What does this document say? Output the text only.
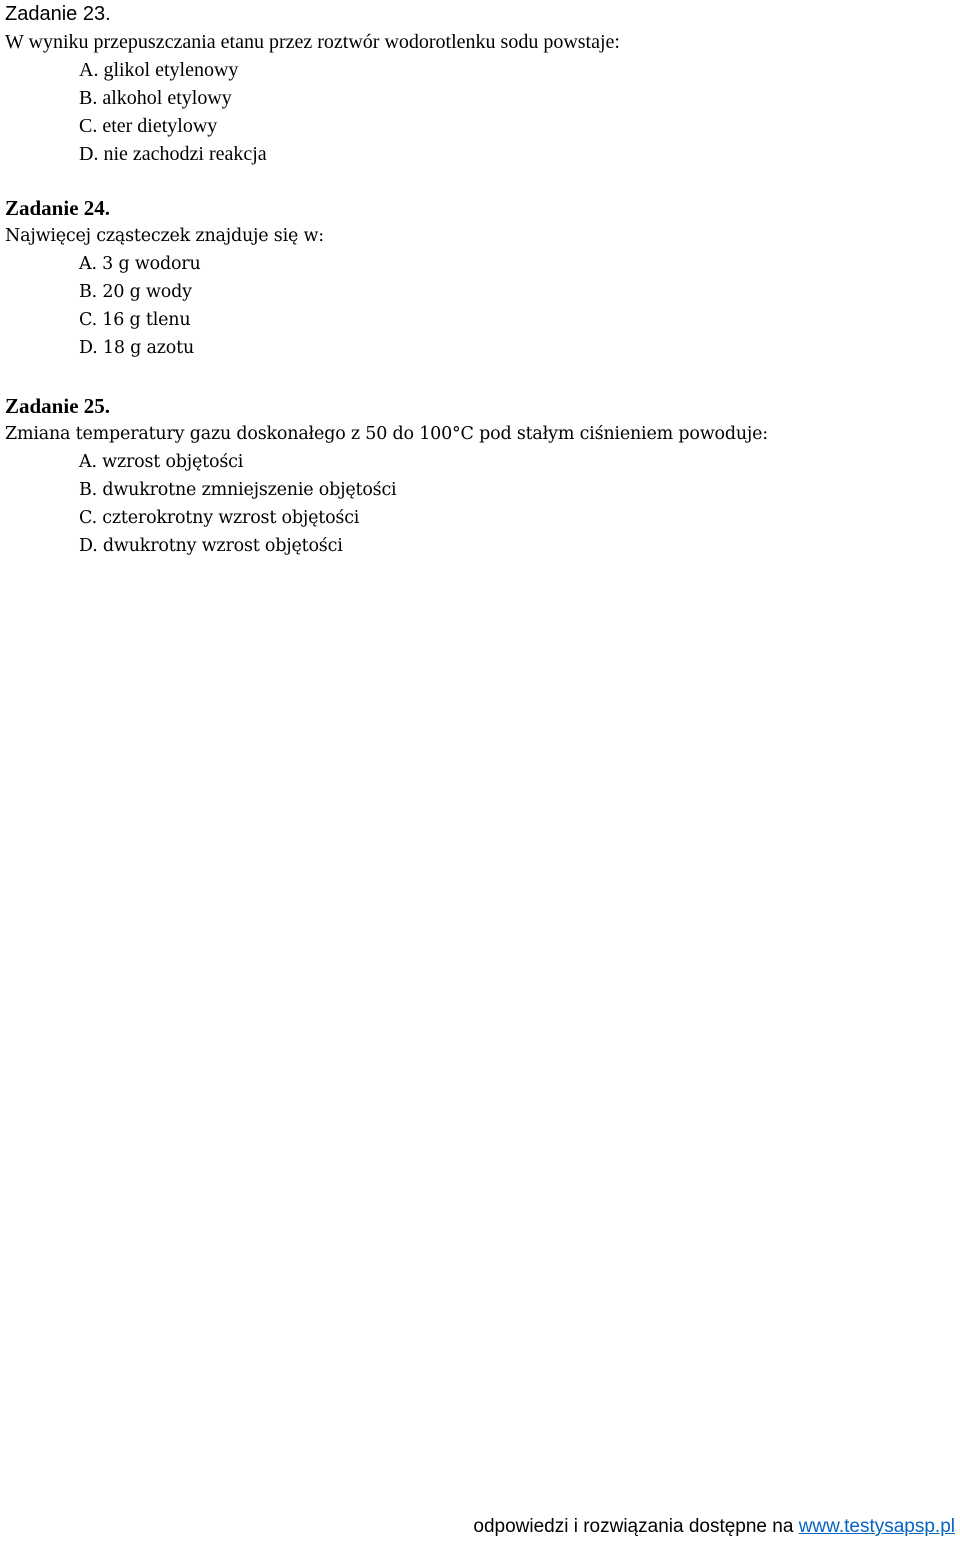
Zadanie 23.
W wyniku przepuszczania etanu przez roztwór wodorotlenku sodu powstaje:
A. glikol etylenowy
B. alkohol etylowy
C. eter dietylowy
D. nie zachodzi reakcja
Zadanie 24.
Najwięcej cząsteczek znajduje się w:
A. 3 g wodoru
B. 20 g wody
C. 16 g tlenu
D. 18 g azotu
Zadanie 25.
Zmiana temperatury gazu doskonałego z 50 do 100°C pod stałym ciśnieniem powoduje:
A. wzrost objętości
B. dwukrotne zmniejszenie objętości
C. czterokrotny wzrost objętości
D. dwukrotny wzrost objętości
odpowiedzi i rozwiązania dostępne na www.testysapsp.pl
